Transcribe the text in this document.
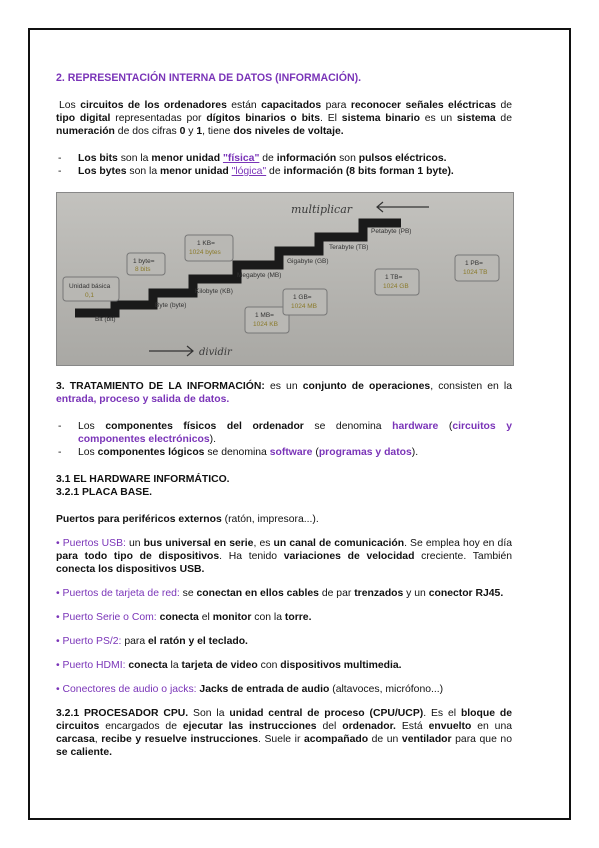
2. REPRESENTACIÓN INTERNA DE DATOS (INFORMACIÓN).

Los circuitos de los ordenadores están capacitados para reconocer señales eléctricas de tipo digital representadas por dígitos binarios o bits. El sistema binario es un sistema de numeración de dos cifras 0 y 1, tiene dos niveles de voltaje.

- Los bits son la menor unidad "física" de información son pulsos eléctricos.
- Los bytes son la menor unidad "lógica" de información (8 bits forman 1 byte).
multiplicar
dividir
Unidad básica
0,1
Bit (bit)
Byte (byte)
Kilobyte (KB)
Megabyte (MB)
Gigabyte (GB)
Terabyte (TB)
Petabyte (PB)
1 byte=
8 bits
1 KB=
1024 bytes
1 MB=
1024 KB
1 GB=
1024 MB
1 TB=
1024 GB
1 PB=
1024 TB

3. TRATAMIENTO DE LA INFORMACIÓN: es un conjunto de operaciones, consisten en la entrada, proceso y salida de datos.

- Los componentes físicos del ordenador se denomina hardware (circuitos y componentes electrónicos).
- Los componentes lógicos se denomina software (programas y datos).

3.1 EL HARDWARE INFORMÁTICO.

3.2.1 PLACA BASE.

Puertos para periféricos externos (ratón, impresora...).

• Puertos USB: un bus universal en serie, es un canal de comunicación. Se emplea hoy en día para todo tipo de dispositivos. Ha tenido variaciones de velocidad creciente. También conecta los dispositivos USB.

• Puertos de tarjeta de red: se conectan en ellos cables de par trenzados y un conector RJ45.

• Puerto Serie o Com: conecta el monitor con la torre.

• Puerto PS/2: para el ratón y el teclado.

• Puerto HDMI: conecta la tarjeta de video con dispositivos multimedia.

• Conectores de audio o jacks: Jacks de entrada de audio (altavoces, micrófono...)

3.2.1 PROCESADOR CPU. Son la unidad central de proceso (CPU/UCP). Es el bloque de circuitos encargados de ejecutar las instrucciones del ordenador. Está envuelto en una carcasa, recibe y resuelve instrucciones. Suele ir acompañado de un ventilador para que no se caliente.
